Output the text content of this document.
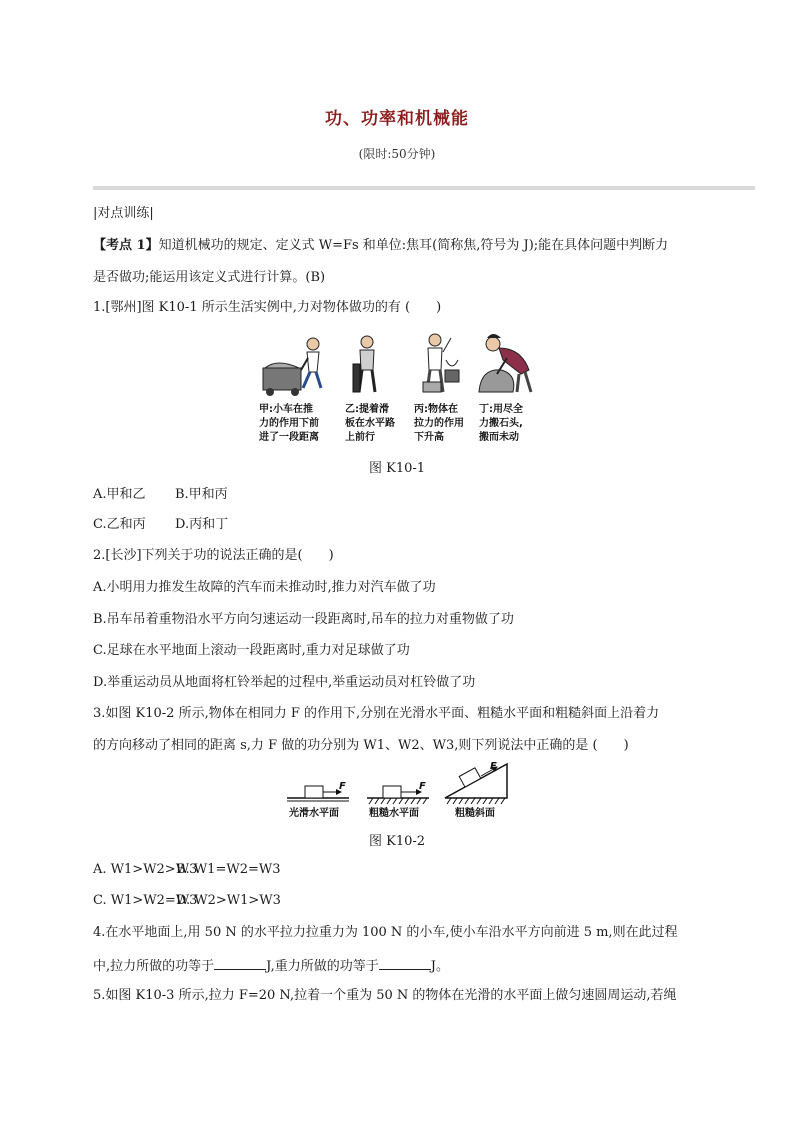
功、功率和机械能
(限时:50分钟)
|对点训练|
【考点 1】知道机械功的规定、定义式 W=Fs 和单位:焦耳(简称焦,符号为 J);能在具体问题中判断力
是否做功;能运用该定义式进行计算。(B)
1.[鄂州]图 K10-1 所示生活实例中,力对物体做功的有 (　　)
甲:小车在推
力的作用下前
进了一段距离
乙:提着滑
板在水平路
上前行
丙:物体在
拉力的作用
下升高
丁:用尽全
力搬石头,
搬而未动
图 K10-1
A.甲和乙 B.甲和丙
C.乙和丙 D.丙和丁
2.[长沙]下列关于功的说法正确的是(　　)
A.小明用力推发生故障的汽车而未推动时,推力对汽车做了功
B.吊车吊着重物沿水平方向匀速运动一段距离时,吊车的拉力对重物做了功
C.足球在水平地面上滚动一段距离时,重力对足球做了功
D.举重运动员从地面将杠铃举起的过程中,举重运动员对杠铃做了功
3.如图 K10-2 所示,物体在相同力 F 的作用下,分别在光滑水平面、粗糙水平面和粗糙斜面上沿着力
的方向移动了相同的距离 s,力 F 做的功分别为 W1、W2、W3,则下列说法中正确的是 (　　)
F	F
F
光滑水平面	粗糙水平面	粗糙斜面
图 K10-2
A. W1>W2>W3
B. W1=W2=W3
C. W1>W2=W3
D. W2>W1>W3
4.在水平地面上,用 50 N 的水平拉力拉重力为 100 N 的小车,使小车沿水平方向前进 5 m,则在此过程
中,拉力所做的功等于	J,重力所做的功等于	J。
5.如图 K10-3 所示,拉力 F=20 N,拉着一个重为 50 N 的物体在光滑的水平面上做匀速圆周运动,若绳
